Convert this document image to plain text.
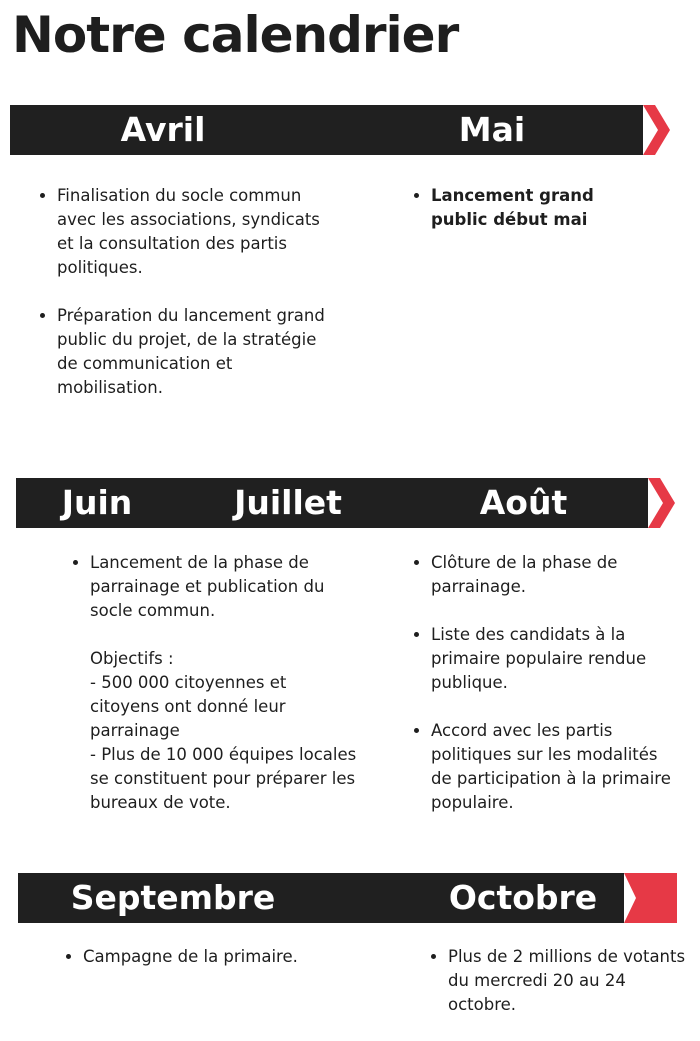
Notre calendrier
Avril	Mai
• Finalisation du socle commun avec les associations, syndicats et la consultation des partis politiques.
• Préparation du lancement grand public du projet, de la stratégie de communication et mobilisation.
• Lancement grand public début mai
Juin	Juillet	Août
• Lancement de la phase de parrainage et publication du socle commun.

Objectifs :
- 500 000 citoyennes et citoyens ont donné leur parrainage
- Plus de 10 000 équipes locales se constituent pour préparer les bureaux de vote.
• Clôture de la phase de parrainage.
• Liste des candidats à la primaire populaire rendue publique.
• Accord avec les partis politiques sur les modalités de participation à la primaire populaire.
Septembre	Octobre
• Campagne de la primaire.
•	Plus de 2 millions de votants du mercredi 20 au 24 octobre.
